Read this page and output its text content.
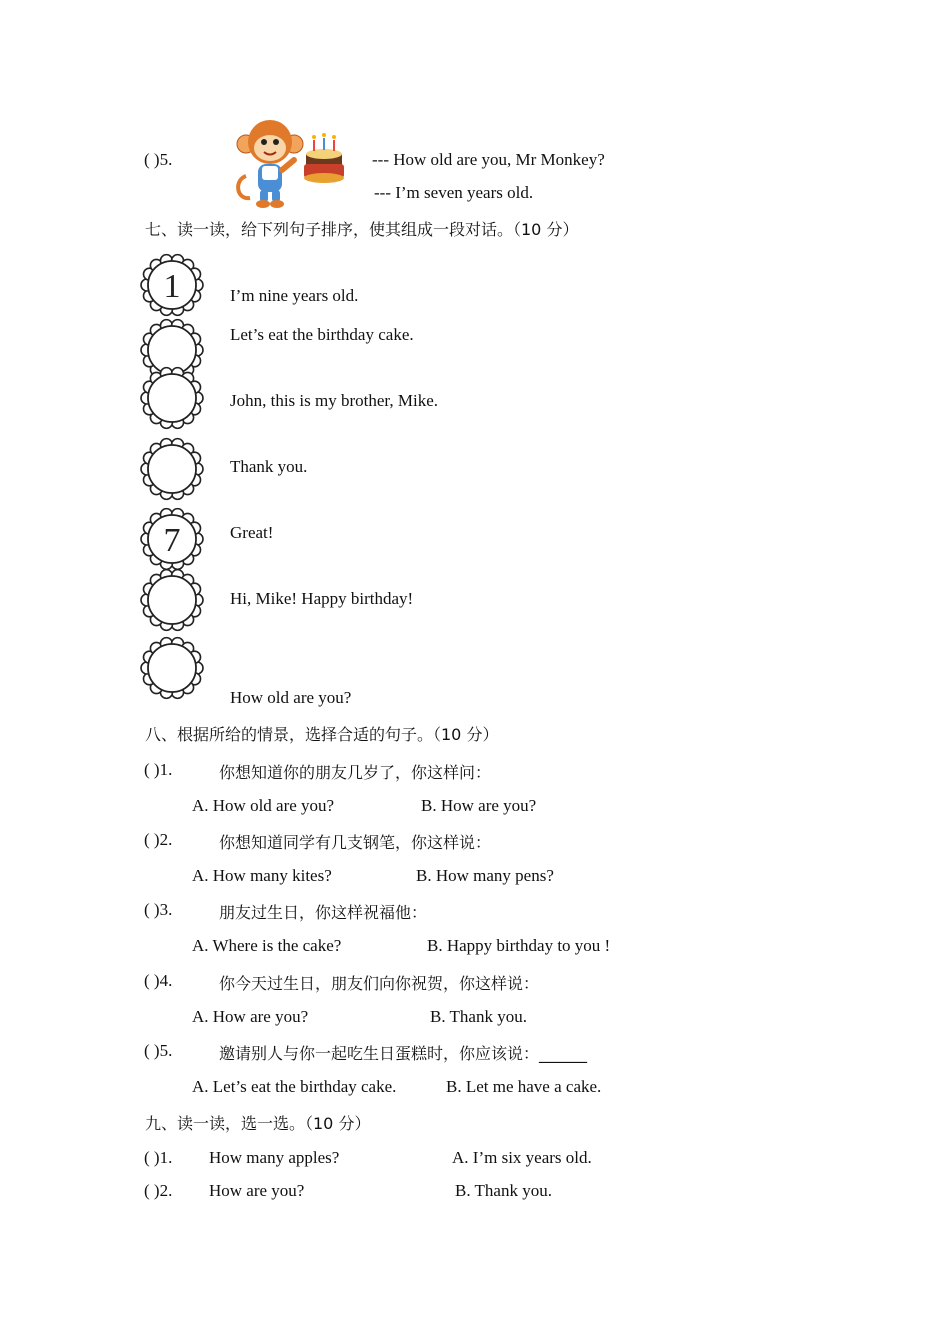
( )5.	--- How old are you, Mr Monkey?
--- I’m seven years old.
七、读一读，给下列句子排序，使其组成一段对话。（10 分）
1
7
I’m nine years old.
Let’s eat the birthday cake.
John, this is my brother, Mike.
Thank you.
Great!
Hi, Mike! Happy birthday!
How old are you?
八、根据所给的情景，选择合适的句子。（10 分）
( )1.	你想知道你的朋友几岁了，你这样问：
A. How old are you?	B. How are you?
( )2.	你想知道同学有几支钢笔，你这样说：
A. How many kites?	B. How many pens?
( )3.	朋友过生日，你这样祝福他：
A. Where is the cake?	B. Happy birthday to you !
( )4.	你今天过生日，朋友们向你祝贺，你这样说：
A. How are you?	B. Thank you.
( )5.	邀请别人与你一起吃生日蛋糕时，你应该说：______
A. Let’s eat the birthday cake.	B. Let me have a cake.
九、读一读，选一选。（10 分）
( )1. How many apples?	A. I’m six years old.
( )2. How are you?	B. Thank you.
